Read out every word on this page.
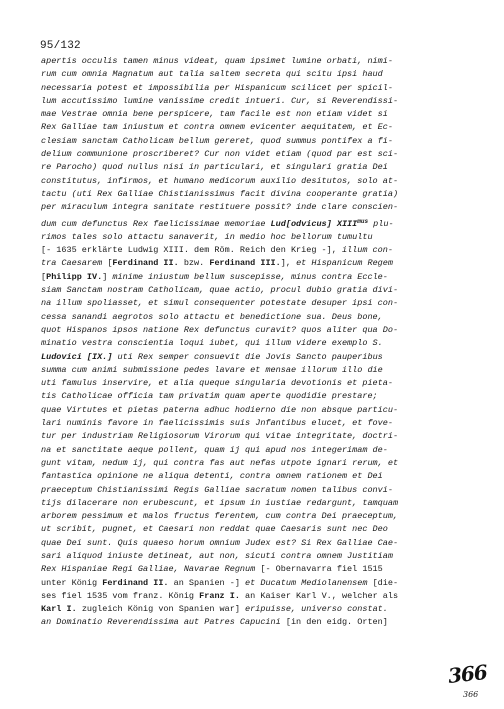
95/132
apertis occulis tamen minus videat, quam ipsimet lumine orbati, nimi-
rum cum omnia Magnatum aut talia saltem secreta qui scitu ipsi haud
necessaria potest et impossibilia per Hispanicum scilicet per spicil-
lum accutissimo lumine vanissime credit intueri. Cur, si Reverendissi-
mae Vestrae omnia bene perspicere, tam facile est non etiam videt si
Rex Galliae tam iniustum et contra omnem evicenter aequitatem, et Ec-
clesiam sanctam Catholicam bellum gereret, quod summus pontifex a fi-
delium communione proscriberet? Cur non videt etiam (quod par est sci-
re Parocho) quod nullus nisi in particulari, et singulari gratia Dei
constitutus, infirmos, et humano medicorum auxilio desitutos, solo at-
tactu (uti Rex Galliae Chistianissimus facit divina cooperante gratia)
per miraculum integra sanitate restituere possit? inde clare conscien-
dum cum defunctus Rex faelicissimae memoriae Lud[odvicus] $XIII^{mus}$ plu-
rimos tales solo attactu sanaverit, in medio hoc bellorum tumultu
[- 1635 erklärte Ludwig XIII. dem Röm. Reich den Krieg -], illum con-
tra Caesarem [Ferdinand II. bzw. Ferdinand III.], et Hispanicum Regem
[Philipp IV.] minime iniustum bellum suscepisse, minus contra Eccle-
siam Sanctam nostram Catholicam, quae actio, procul dubio gratia divi-
na illum spoliasset, et simul consequenter potestate desuper ipsi con-
cessa sanandi aegrotos solo attactu et benedictione sua. Deus bone,
quot Hispanos ipsos natione Rex defunctus curavit? quos aliter qua Do-
minatio vestra conscientia loqui iubet, qui illum videre exemplo S.
Ludovici [IX.] uti Rex semper consuevit die Jovis Sancto pauperibus
summa cum animi submissione pedes lavare et mensae illorum illo die
uti famulus inservire, et alia queque singularia devotionis et pieta-
tis Catholicae officia tam privatim quam aperte quodidie prestare;
quae Virtutes et pietas paterna adhuc hodierno die non absque particu-
lari numinis favore in faelicissimis suis Jnfantibus elucet, et fove-
tur per industriam Religiosorum Virorum qui vitae integritate, doctri-
na et sanctitate aeque pollent, quam ij qui apud nos integerimam de-
gunt vitam, nedum ij, qui contra fas aut nefas utpote ignari rerum, et
fantastica opinione ne aliqua detenti, contra omnem rationem et Dei
praeceptum Chistianissimi Regis Galliae sacratum nomen talibus convi-
tijs dilacerare non erubescunt, et ipsum in iustiae redargunt, tamquam
arborem pessimum et malos fructus ferentem, cum contra Dei praeceptum,
ut scribit, pugnet, et Caesari non reddat quae Caesaris sunt nec Deo
quae Dei sunt. Quis quaeso horum omnium Judex est? Si Rex Galliae Cae-
sari aliquod iniuste detineat, aut non, sicuti contra omnem Justitiam
Rex Hispaniae Regi Galliae, Navarae Regnum [- Obernavarra fiel 1515
unter König Ferdinand II. an Spanien -] et Ducatum Mediolanensem [die-
ses fiel 1535 vom franz. König Franz I. an Kaiser Karl V., welcher als
Karl I. zugleich König von Spanien war] eripuisse, universo constat.
an Dominatio Reverendissima aut Patres Capucini [in den eidg. Orten]
366
366
